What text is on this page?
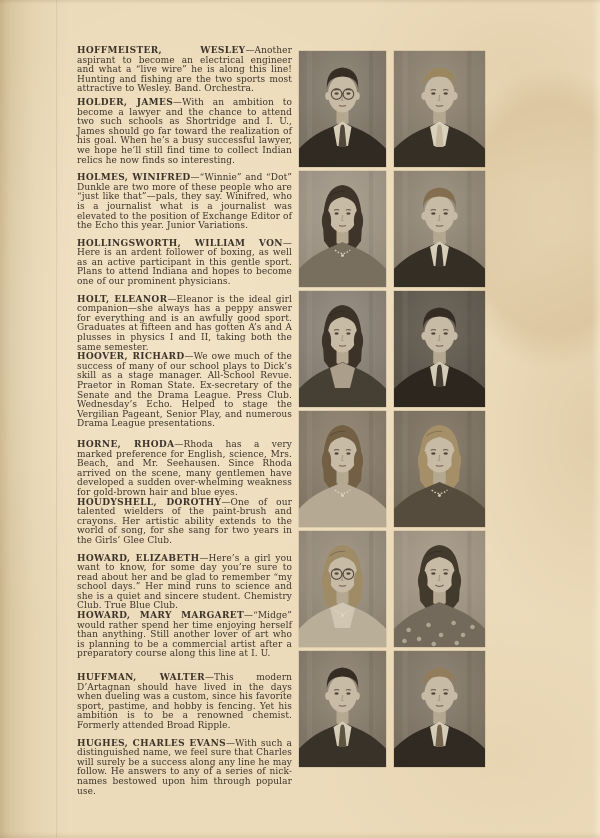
HOFFMEISTER, WESLEY—Another aspirant to become an electrical engineer and what a “live wire” he is along this line! Hunting and fishing are the two sports most attractive to Wesley. Band. Orchestra.

HOLDER, JAMES—With an ambition to become a lawyer and the chance to attend two such schools as Shortridge and I. U., James should go far toward the realization of his goal. When he’s a busy successful lawyer, we hope he’ll still find time to collect Indian relics he now finds so interesting.

HOLMES, WINIFRED—“Winnie” and “Dot” Dunkle are two more of these people who are “just like that”—pals, they say. Winifred, who is a journalist what is a journalist was elevated to the position of Exchange Editor of the Echo this year. Junior Variations.

HOLLINGSWORTH, WILLIAM VON—Here is an ardent follower of boxing, as well as an active participant in this gentle sport. Plans to attend Indiana and hopes to become one of our prominent physicians.

HOLT, ELEANOR—Eleanor is the ideal girl companion—she always has a peppy answer for everything and is an awfully good sport. Graduates at fifteen and has gotten A’s and A plusses in physics I and II, taking both the same semester.

HOOVER, RICHARD—We owe much of the success of many of our school plays to Dick’s skill as a stage manager. All-School Revue. Praetor in Roman State. Ex-secretary of the Senate and the Drama League. Press Club. Wednesday’s Echo. Helped to stage the Vergilian Pageant, Senior Play, and numerous Drama League presentations.

HORNE, RHODA—Rhoda has a very marked preference for English, science, Mrs. Beach, and Mr. Seehausen. Since Rhoda arrived on the scene, many gentlemen have developed a sudden over-whelming weakness for gold-brown hair and blue eyes.

HOUDYSHELL, DOROTHY—One of our talented wielders of the paint-brush and crayons. Her artistic ability extends to the world of song, for she sang for two years in the Girls’ Glee Club.

HOWARD, ELIZABETH—Here’s a girl you want to know, for some day you’re sure to read about her and be glad to remember “my school days.” Her mind runs to science and she is a quiet and sincere student. Chemistry Club. True Blue Club.

HOWARD, MARY MARGARET—“Midge” would rather spend her time enjoying herself than anything. Still another lover of art who is planning to be a commercial artist after a preparatory course along this line at I. U.

HUFFMAN, WALTER—This modern D’Artagnan should have lived in the days when dueling was a custom, since his favorite sport, pastime, and hobby is fencing. Yet his ambition is to be a renowned chemist. Formerly attended Broad Ripple.

HUGHES, CHARLES EVANS—With such a distinguished name, we feel sure that Charles will surely be a success along any line he may follow. He answers to any of a series of nick-names bestowed upon him through popular use.
